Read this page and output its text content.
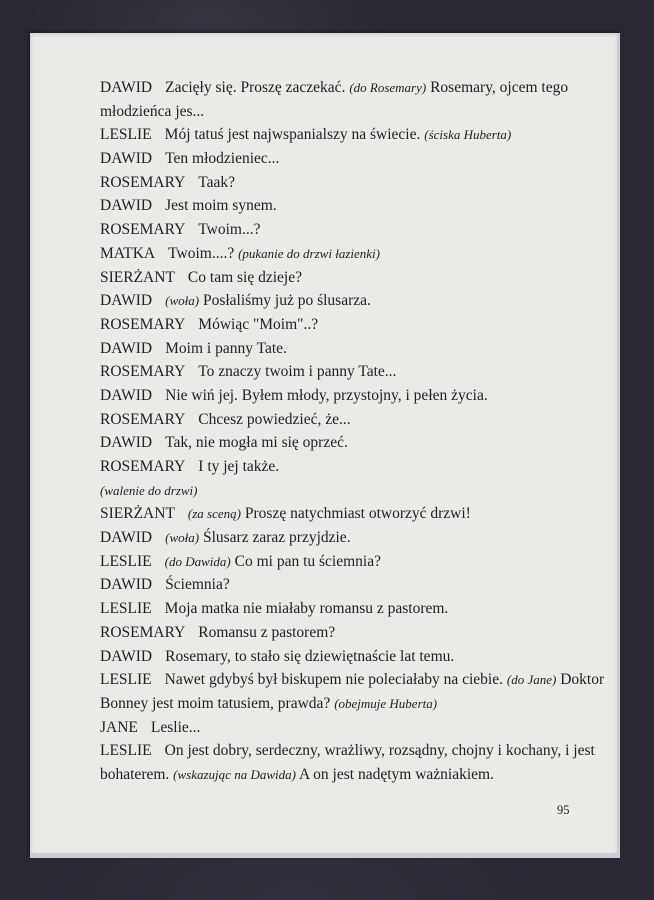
DAWID Zacięły się. Proszę zaczekać. (do Rosemary) Rosemary, ojcem tego
młodzieńca jes...
LESLIE Mój tatuś jest najwspanialszy na świecie. (ściska Huberta)
DAWID Ten młodzieniec...
ROSEMARY Taak?
DAWID Jest moim synem.
ROSEMARY Twoim...?
MATKA Twoim....? (pukanie do drzwi łazienki)
SIERŻANT Co tam się dzieje?
DAWID (woła) Posłaliśmy już po ślusarza.
ROSEMARY Mówiąc "Moim"..?
DAWID Moim i panny Tate.
ROSEMARY To znaczy twoim i panny Tate...
DAWID Nie wiń jej. Byłem młody, przystojny, i pełen życia.
ROSEMARY Chcesz powiedzieć, że...
DAWID Tak, nie mogła mi się oprzeć.
ROSEMARY I ty jej także.
(walenie do drzwi)
SIERŻANT (za sceną) Proszę natychmiast otworzyć drzwi!
DAWID (woła) Ślusarz zaraz przyjdzie.
LESLIE (do Dawida) Co mi pan tu ściemnia?
DAWID Ściemnia?
LESLIE Moja matka nie miałaby romansu z pastorem.
ROSEMARY Romansu z pastorem?
DAWID Rosemary, to stało się dziewiętnaście lat temu.
LESLIE Nawet gdybyś był biskupem nie poleciałaby na ciebie. (do Jane) Doktor
Bonney jest moim tatusiem, prawda? (obejmuje Huberta)
JANE Leslie...
LESLIE On jest dobry, serdeczny, wrażliwy, rozsądny, chojny i kochany, i jest
bohaterem. (wskazując na Dawida) A on jest nadętym ważniakiem.
95
